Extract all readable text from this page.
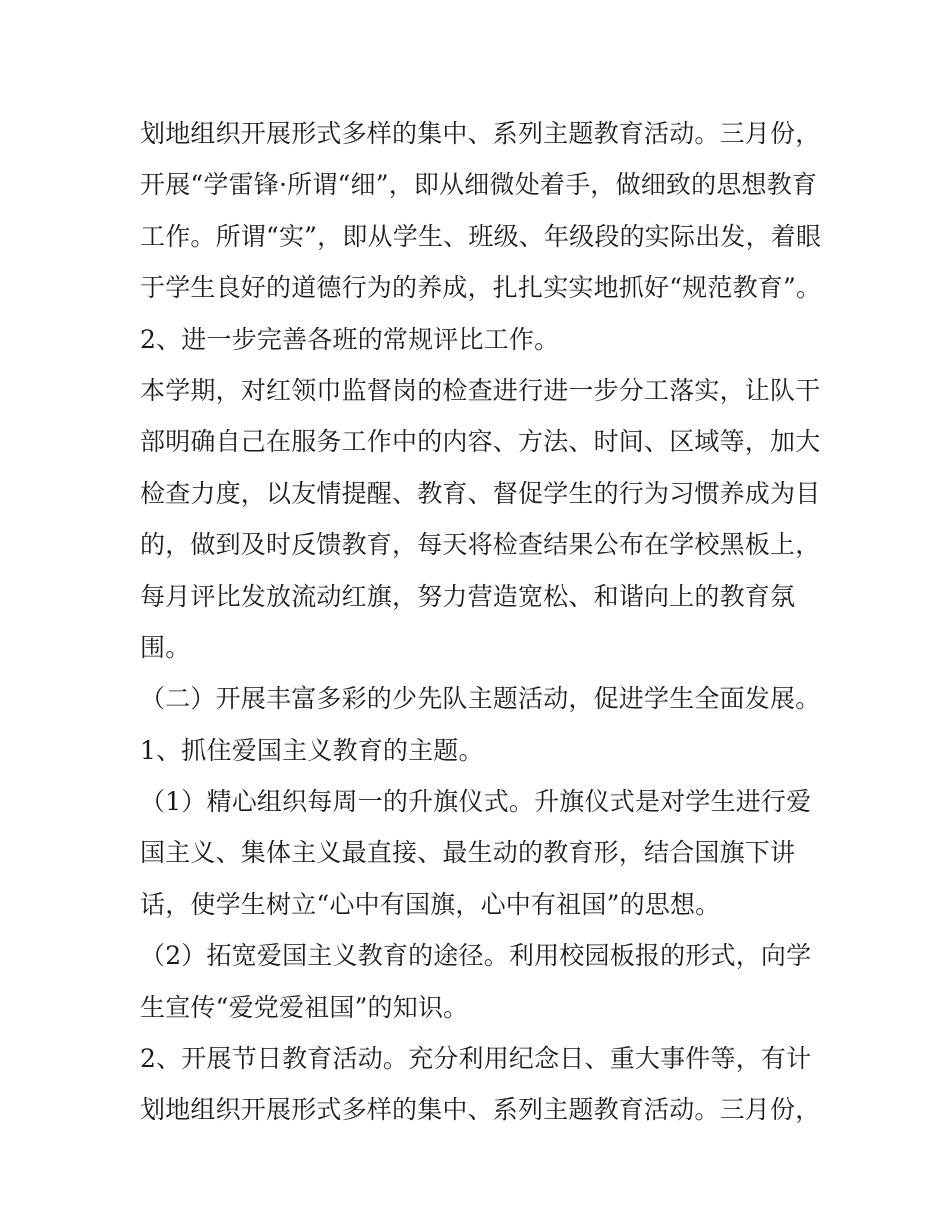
划地组织开展形式多样的集中、系列主题教育活动。三月份，
开展“学雷锋·所谓“细”，即从细微处着手，做细致的思想教育
工作。所谓“实”，即从学生、班级、年级段的实际出发，着眼
于学生良好的道德行为的养成，扎扎实实地抓好“规范教育”。
2、进一步完善各班的常规评比工作。
本学期，对红领巾监督岗的检查进行进一步分工落实，让队干
部明确自己在服务工作中的内容、方法、时间、区域等，加大
检查力度，以友情提醒、教育、督促学生的行为习惯养成为目
的，做到及时反馈教育，每天将检查结果公布在学校黑板上，
每月评比发放流动红旗，努力营造宽松、和谐向上的教育氛
围。
（二）开展丰富多彩的少先队主题活动，促进学生全面发展。
1、抓住爱国主义教育的主题。
（1）精心组织每周一的升旗仪式。升旗仪式是对学生进行爱
国主义、集体主义最直接、最生动的教育形，结合国旗下讲
话，使学生树立“心中有国旗，心中有祖国”的思想。
（2）拓宽爱国主义教育的途径。利用校园板报的形式，向学
生宣传“爱党爱祖国”的知识。
2、开展节日教育活动。充分利用纪念日、重大事件等，有计
划地组织开展形式多样的集中、系列主题教育活动。三月份，
